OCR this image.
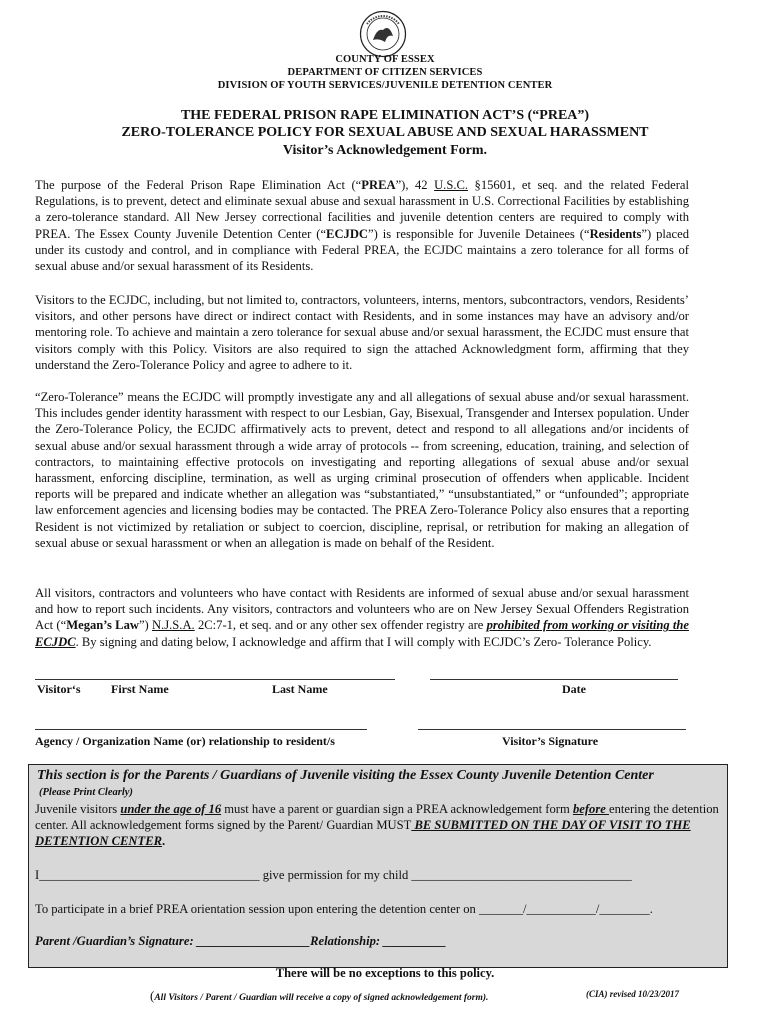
COUNTY OF ESSEX
DEPARTMENT OF CITIZEN SERVICES
DIVISION OF YOUTH SERVICES/JUVENILE DETENTION CENTER
THE FEDERAL PRISON RAPE ELIMINATION ACT’S (“PREA”)
ZERO-TOLERANCE POLICY FOR SEXUAL ABUSE AND SEXUAL HARASSMENT
Visitor’s Acknowledgement Form.
The purpose of the Federal Prison Rape Elimination Act (“PREA”), 42 U.S.C. §15601, et seq. and the related Federal Regulations, is to prevent, detect and eliminate sexual abuse and sexual harassment in U.S. Correctional Facilities by establishing a zero-tolerance standard. All New Jersey correctional facilities and juvenile detention centers are required to comply with PREA. The Essex County Juvenile Detention Center (“ECJDC”) is responsible for Juvenile Detainees (“Residents”) placed under its custody and control, and in compliance with Federal PREA, the ECJDC maintains a zero tolerance for all forms of sexual abuse and/or sexual harassment of its Residents.
Visitors to the ECJDC, including, but not limited to, contractors, volunteers, interns, mentors, subcontractors, vendors, Residents’ visitors, and other persons have direct or indirect contact with Residents, and in some instances may have an advisory and/or mentoring role. To achieve and maintain a zero tolerance for sexual abuse and/or sexual harassment, the ECJDC must ensure that visitors comply with this Policy. Visitors are also required to sign the attached Acknowledgment form, affirming that they understand the Zero-Tolerance Policy and agree to adhere to it.
“Zero-Tolerance” means the ECJDC will promptly investigate any and all allegations of sexual abuse and/or sexual harassment. This includes gender identity harassment with respect to our Lesbian, Gay, Bisexual, Transgender and Intersex population. Under the Zero-Tolerance Policy, the ECJDC affirmatively acts to prevent, detect and respond to all allegations and/or incidents of sexual abuse and/or sexual harassment through a wide array of protocols -- from screening, education, training, and selection of contractors, to maintaining effective protocols on investigating and reporting allegations of sexual abuse and/or sexual harassment, enforcing discipline, termination, as well as urging criminal prosecution of offenders when applicable. Incident reports will be prepared and indicate whether an allegation was “substantiated,” “unsubstantiated,” or “unfounded”; appropriate law enforcement agencies and licensing bodies may be contacted. The PREA Zero-Tolerance Policy also ensures that a reporting Resident is not victimized by retaliation or subject to coercion, discipline, reprisal, or retribution for making an allegation of sexual abuse or sexual harassment or when an allegation is made on behalf of the Resident.
All visitors, contractors and volunteers who have contact with Residents are informed of sexual abuse and/or sexual harassment and how to report such incidents. Any visitors, contractors and volunteers who are on New Jersey Sexual Offenders Registration Act (“Megan’s Law”) N.J.S.A. 2C:7-1, et seq. and or any other sex offender registry are prohibited from working or visiting the ECJDC. By signing and dating below, I acknowledge and affirm that I will comply with ECJDC’s Zero- Tolerance Policy.
Visitor‘s	First Name	Last Name	Date
Agency / Organization Name (or) relationship to resident/s	Visitor’s Signature
This section is for the Parents / Guardians of Juvenile visiting the Essex County Juvenile Detention Center
(Please Print Clearly)
Juvenile visitors under the age of 16 must have a parent or guardian sign a PREA acknowledgement form before entering the detention center. All acknowledgement forms signed by the Parent/ Guardian MUST BE SUBMITTED ON THE DAY OF VISIT TO THE DETENTION CENTER.
I___________________________________ give permission for my child ___________________________________
To participate in a brief PREA orientation session upon entering the detention center on _______/___________/________.
Parent /Guardian’s Signature: __________________Relationship: __________
There will be no exceptions to this policy.
(All Visitors / Parent / Guardian will receive a copy of signed acknowledgement form).	(CIA) revised 10/23/2017
